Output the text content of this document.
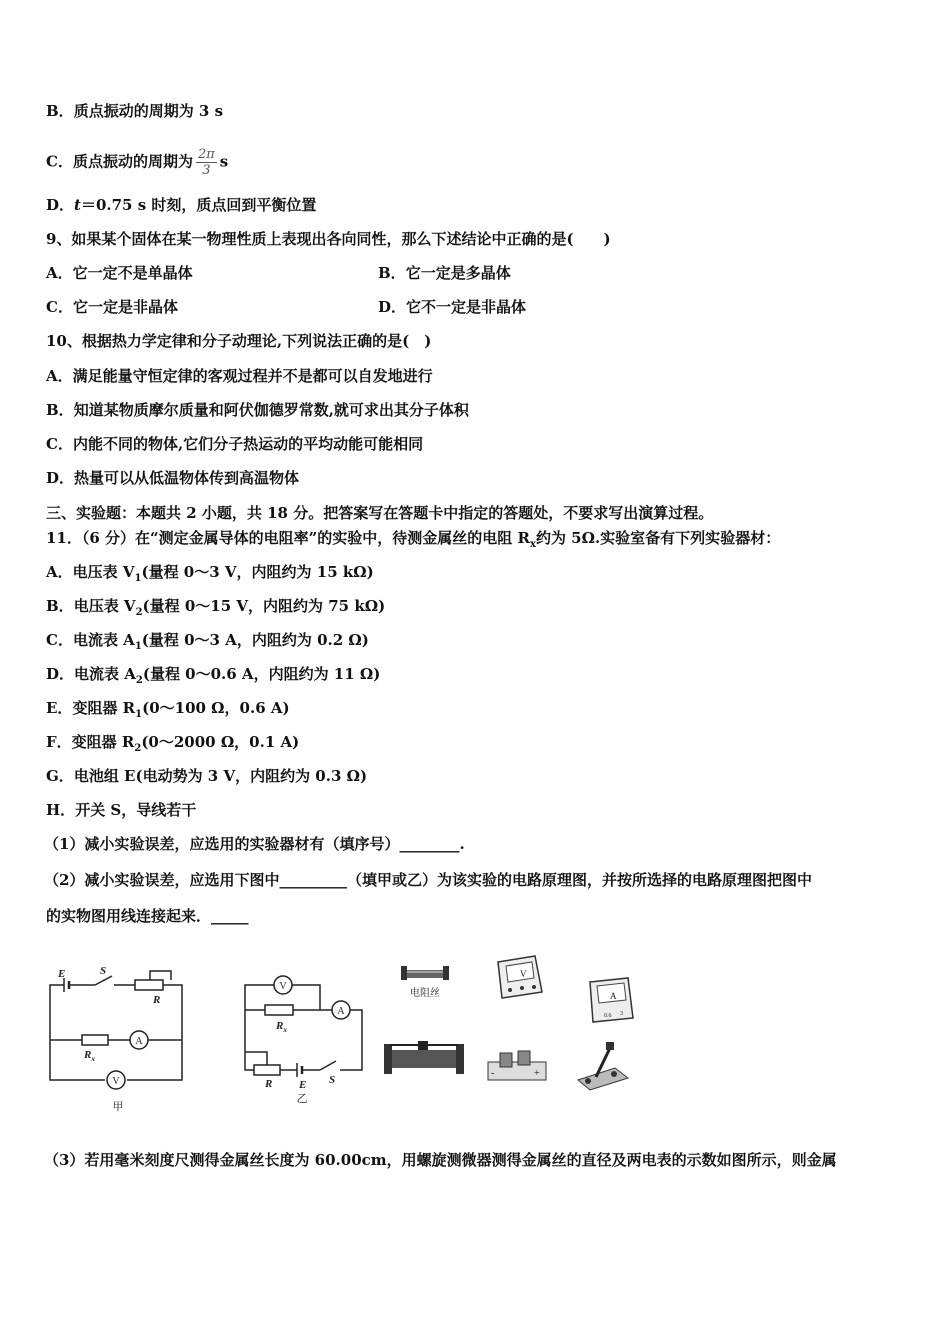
B．质点振动的周期为 3 s
C．质点振动的周期为 $\frac{2\pi}{3}$ s
D．t＝0.75 s 时刻，质点回到平衡位置
9、如果某个固体在某一物理性质上表现出各向同性，那么下述结论中正确的是(　　)
A．它一定不是单晶体	B．它一定是多晶体
C．它一定是非晶体	D．它不一定是非晶体
10、根据热力学定律和分子动理论,下列说法正确的是(　)
A．满足能量守恒定律的客观过程并不是都可以自发地进行
B．知道某物质摩尔质量和阿伏伽德罗常数,就可求出其分子体积
C．内能不同的物体,它们分子热运动的平均动能可能相同
D．热量可以从低温物体传到高温物体
三、实验题：本题共 2 小题，共 18 分。把答案写在答题卡中指定的答题处，不要求写出演算过程。
11．（6 分）在“测定金属导体的电阻率”的实验中，待测金属丝的电阻 $R_x$约为 5Ω.实验室备有下列实验器材：
A．电压表 $V_1$(量程 0～3 V，内阻约为 15 kΩ)
B．电压表 $V_2$(量程 0～15 V，内阻约为 75 kΩ)
C．电流表 $A_1$(量程 0～3 A，内阻约为 0.2 Ω)
D．电流表 $A_2$(量程 0～0.6 A，内阻约为 11 Ω)
E．变阻器 $R_1(0\sim 100$ Ω，0.6 A)
F．变阻器 $R_2(0\sim 2000$ Ω，0.1 A)
G．电池组 E(电动势为 3 V，内阻约为 0.3 Ω)
H．开关 S，导线若干
（1）减小实验误差，应选用的实验器材有（填序号）________.
（2）减小实验误差，应选用下图中_________（填甲或乙）为该实验的电路原理图，并按所选择的电路原理图把图中
的实物图用线连接起来．_____
E	S
R
$R_x$
A
V
甲
V
A
乙
$R_x$
R E S
电阻丝
V
A
0.6 3
-	+
（3）若用毫米刻度尺测得金属丝长度为 60.00cm，用螺旋测微器测得金属丝的直径及两电表的示数如图所示，则金属
